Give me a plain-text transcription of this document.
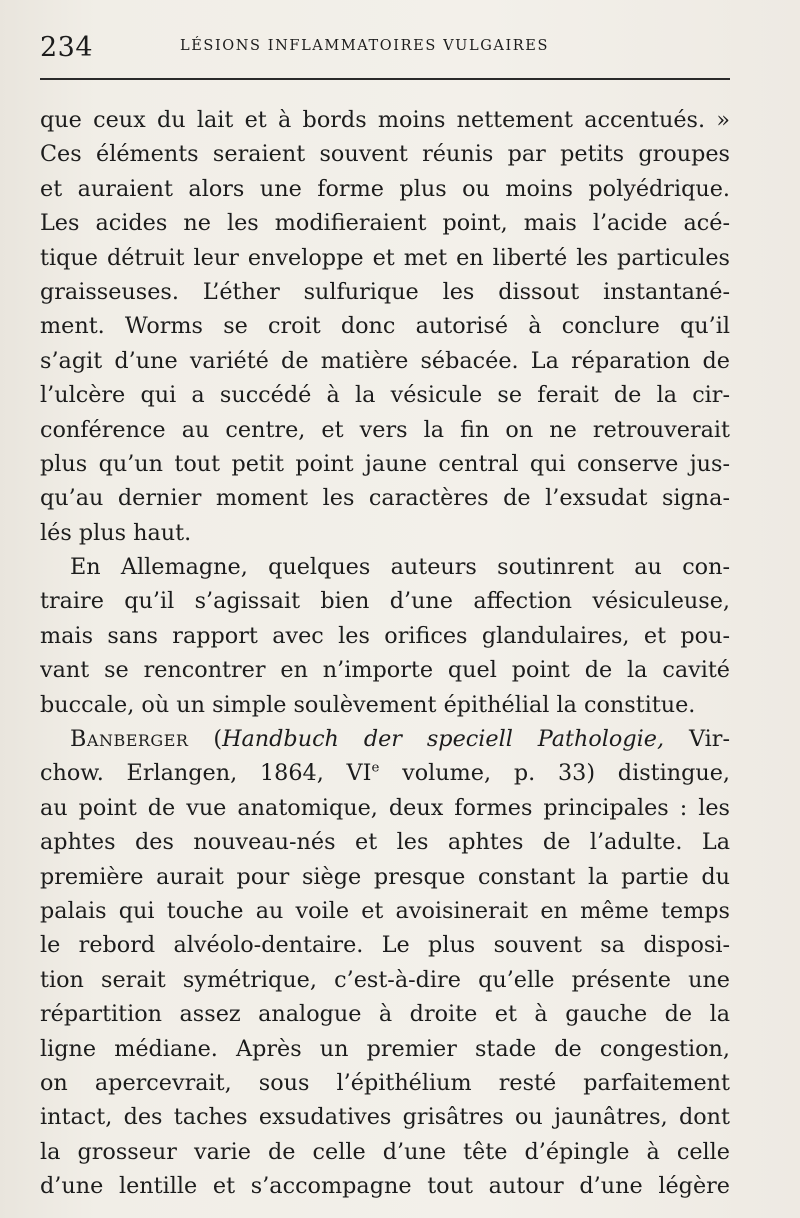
234	LÉSIONS INFLAMMATOIRES VULGAIRES
que ceux du lait et à bords moins nettement accentués. »
Ces éléments seraient souvent réunis par petits groupes
et auraient alors une forme plus ou moins polyédrique.
Les acides ne les modifieraient point, mais l’acide acé-
tique détruit leur enveloppe et met en liberté les particules
graisseuses. L’éther sulfurique les dissout instantané-
ment. Worms se croit donc autorisé à conclure qu’il
s’agit d’une variété de matière sébacée. La réparation de
l’ulcère qui a succédé à la vésicule se ferait de la cir-
conférence au centre, et vers la fin on ne retrouverait
plus qu’un tout petit point jaune central qui conserve jus-
qu’au dernier moment les caractères de l’exsudat signa-
lés plus haut.
En Allemagne, quelques auteurs soutinrent au con-
traire qu’il s’agissait bien d’une affection vésiculeuse,
mais sans rapport avec les orifices glandulaires, et pou-
vant se rencontrer en n’importe quel point de la cavité
buccale, où un simple soulèvement épithélial la constitue.
Banberger (Handbuch der speciell Pathologie, Vir-
chow. Erlangen, 1864, VIe volume, p. 33) distingue,
au point de vue anatomique, deux formes principales : les
aphtes des nouveau-nés et les aphtes de l’adulte. La
première aurait pour siège presque constant la partie du
palais qui touche au voile et avoisinerait en même temps
le rebord alvéolo-dentaire. Le plus souvent sa disposi-
tion serait symétrique, c’est-à-dire qu’elle présente une
répartition assez analogue à droite et à gauche de la
ligne médiane. Après un premier stade de congestion,
on apercevrait, sous l’épithélium resté parfaitement
intact, des taches exsudatives grisâtres ou jaunâtres, dont
la grosseur varie de celle d’une tête d’épingle à celle
d’une lentille et s’accompagne tout autour d’une légère
